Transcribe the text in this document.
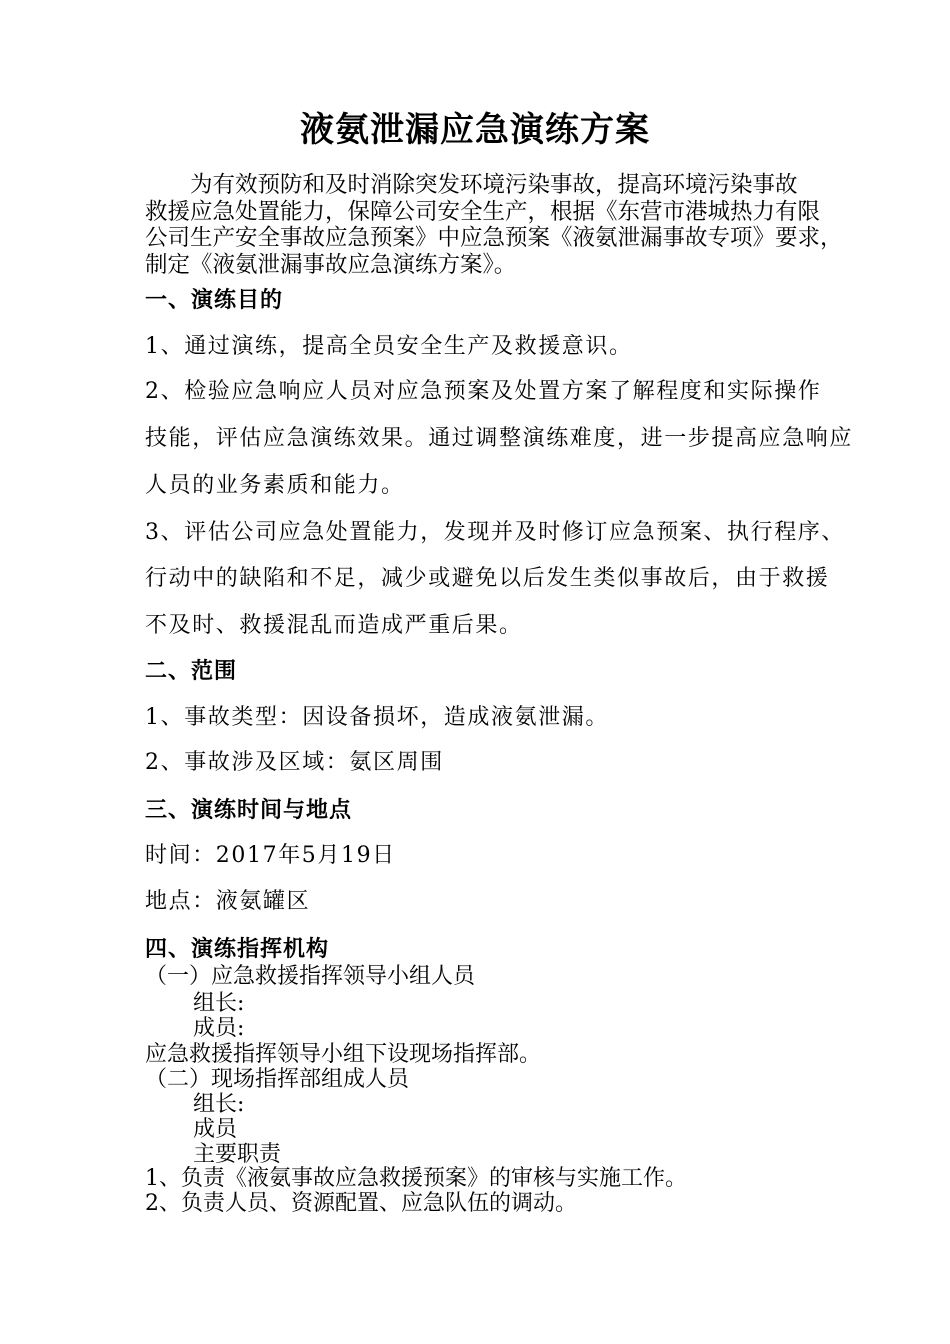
液氨泄漏应急演练方案
为有效预防和及时消除突发环境污染事故，提高环境污染事故
救援应急处置能力，保障公司安全生产，根据《东营市港城热力有限
公司生产安全事故应急预案》中应急预案《液氨泄漏事故专项》要求，
制定《液氨泄漏事故应急演练方案》。
一、演练目的
1、通过演练，提高全员安全生产及救援意识。
2、检验应急响应人员对应急预案及处置方案了解程度和实际操作
技能，评估应急演练效果。通过调整演练难度，进一步提高应急响应
人员的业务素质和能力。
3、评估公司应急处置能力，发现并及时修订应急预案、执行程序、
行动中的缺陷和不足，减少或避免以后发生类似事故后，由于救援
不及时、救援混乱而造成严重后果。
二、范围
1、事故类型：因设备损坏，造成液氨泄漏。
2、事故涉及区域：氨区周围
三、演练时间与地点
时间：2017年5月19日
地点：液氨罐区
四、演练指挥机构
（一）应急救援指挥领导小组人员
组长:
成员:
应急救援指挥领导小组下设现场指挥部。
（二）现场指挥部组成人员
组长:
成员
主要职责
1、负责《液氨事故应急救援预案》的审核与实施工作。
2、负责人员、资源配置、应急队伍的调动。
